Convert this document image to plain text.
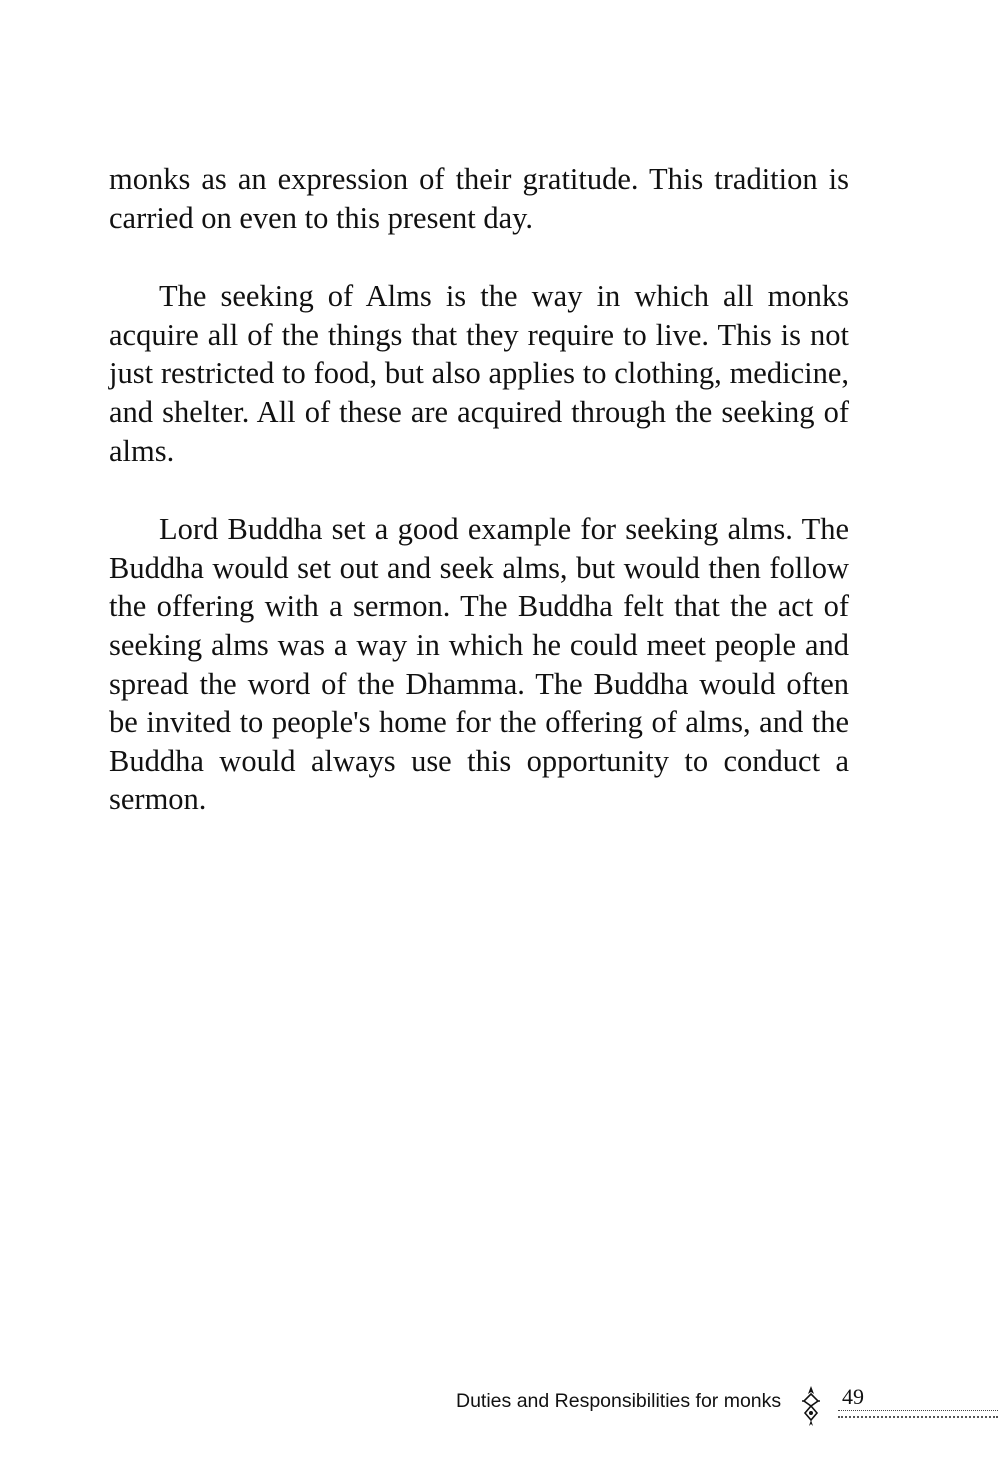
monks as an expression of their gratitude. This tradition is carried on even to this present day.

The seeking of Alms is the way in which all monks acquire all of the things that they require to live. This is not just restricted to food, but also applies to clothing, medicine, and shelter. All of these are acquired through the seeking of alms.

Lord Buddha set a good example for seeking alms. The Buddha would set out and seek alms, but would then follow the offering with a sermon. The Buddha felt that the act of seeking alms was a way in which he could meet people and spread the word of the Dhamma. The Buddha would often be invited to people's home for the offering of alms, and the Buddha would always use this opportunity to conduct a sermon.

Duties and Responsibilities for monks	49
